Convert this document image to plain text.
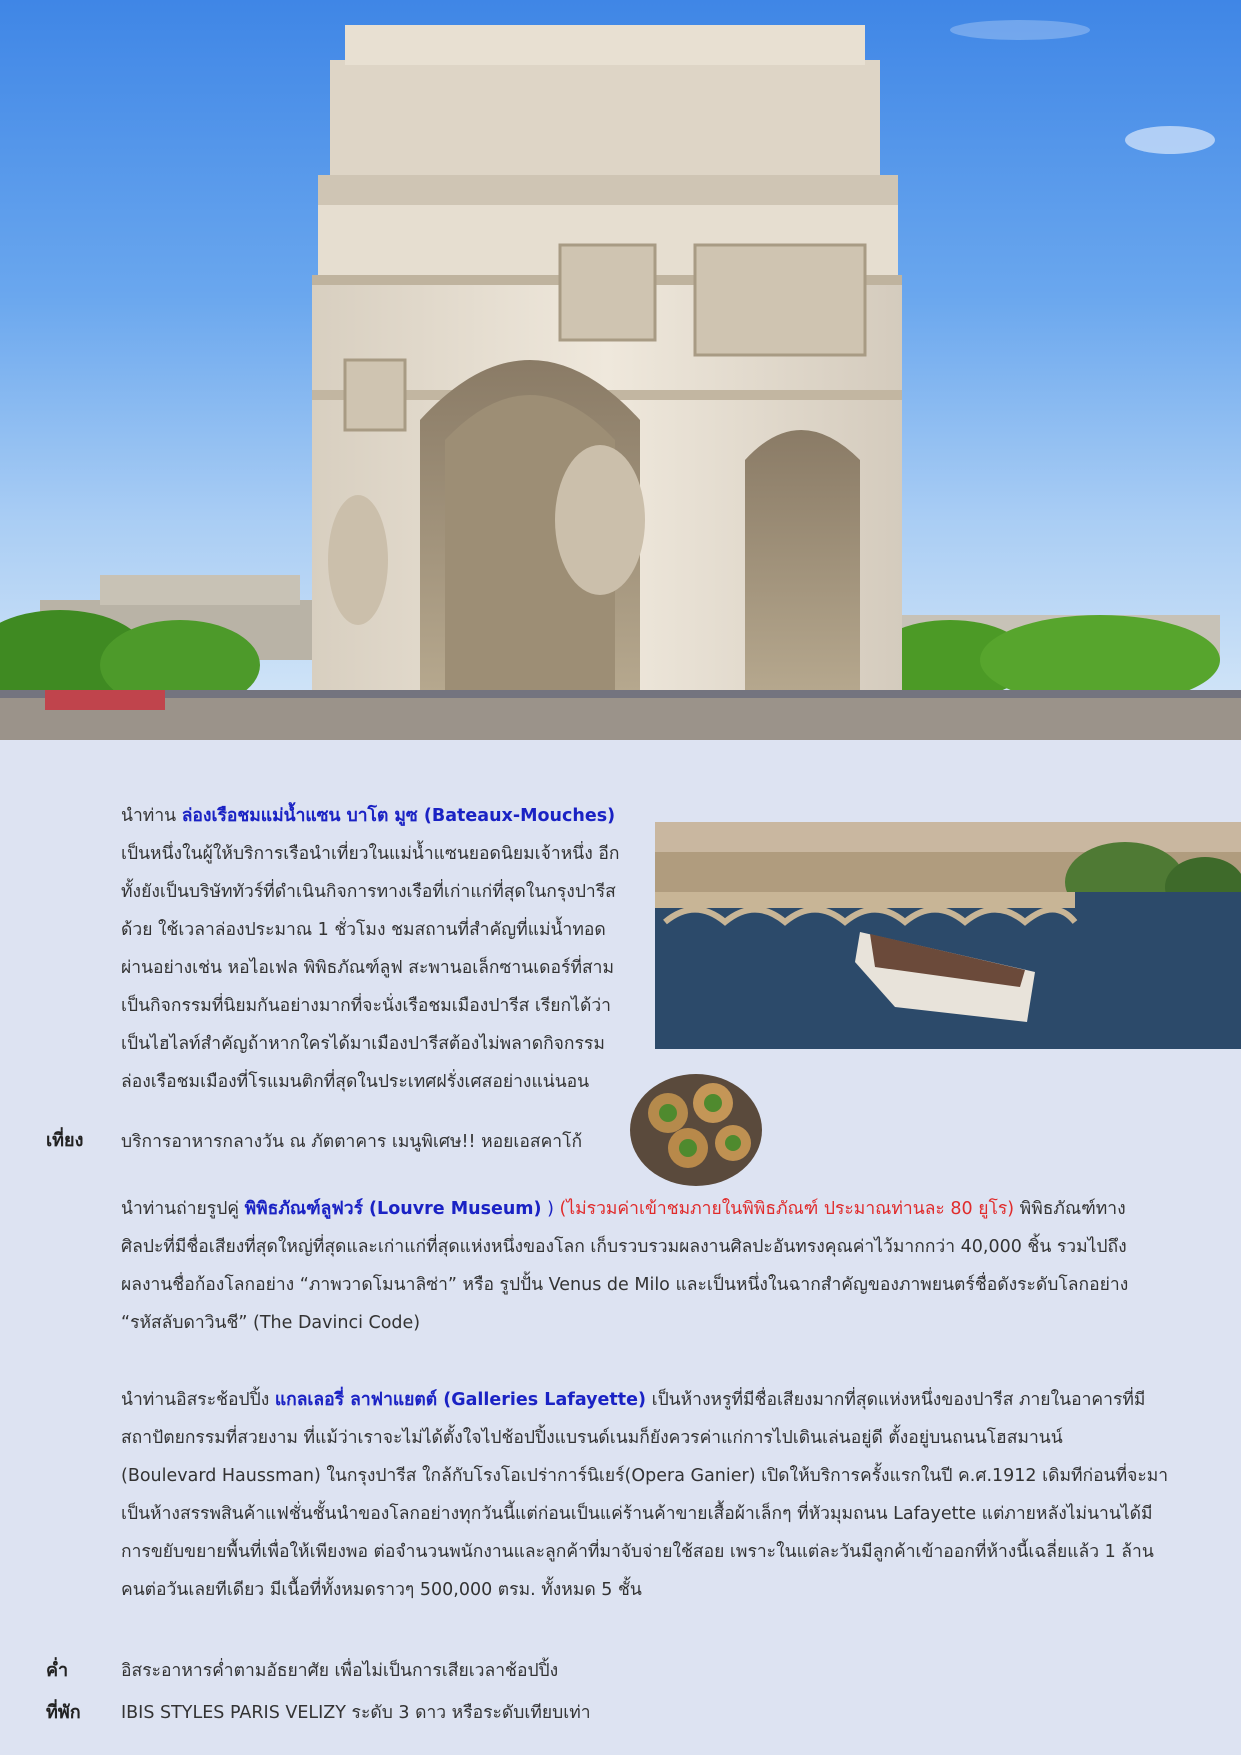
นำท่าน ล่องเรือชมแม่น้ำแซน บาโต มูซ (Bateaux-Mouches)
เป็นหนึ่งในผู้ให้บริการเรือนำเที่ยวในแม่น้ำแซนยอดนิยมเจ้าหนึ่ง อีก
ทั้งยังเป็นบริษัททัวร์ที่ดำเนินกิจการทางเรือที่เก่าแก่ที่สุดในกรุงปารีส
ด้วย ใช้เวลาล่องประมาณ 1 ชั่วโมง ชมสถานที่สำคัญที่แม่น้ำทอด
ผ่านอย่างเช่น หอไอเฟล พิพิธภัณฑ์ลูฟ สะพานอเล็กซานเดอร์ที่สาม
เป็นกิจกรรมที่นิยมกันอย่างมากที่จะนั่งเรือชมเมืองปารีส เรียกได้ว่า
เป็นไฮไลท์สำคัญถ้าหากใครได้มาเมืองปารีสต้องไม่พลาดกิจกรรม
ล่องเรือชมเมืองที่โรแมนติกที่สุดในประเทศฝรั่งเศสอย่างแน่นอน
เที่ยง บริการอาหารกลางวัน ณ ภัตตาคาร เมนูพิเศษ!! หอยเอสคาโก้
นำท่านถ่ายรูปคู่ พิพิธภัณฑ์ลูฟวร์ (Louvre Museum) ) (ไม่รวมค่าเข้าชมภายในพิพิธภัณฑ์ ประมาณท่านละ 80 ยูโร) พิพิธภัณฑ์ทาง
ศิลปะที่มีชื่อเสียงที่สุดใหญ่ที่สุดและเก่าแก่ที่สุดแห่งหนึ่งของโลก เก็บรวบรวมผลงานศิลปะอันทรงคุณค่าไว้มากกว่า 40,000 ชิ้น รวมไปถึง
ผลงานชื่อก้องโลกอย่าง “ภาพวาดโมนาลิซ่า” หรือ รูปปั้น Venus de Milo และเป็นหนึ่งในฉากสำคัญของภาพยนตร์ชื่อดังระดับโลกอย่าง
“รหัสลับดาวินชี” (The Davinci Code)
นำท่านอิสระช้อปปิ้ง แกลเลอรี่ ลาฟาแยตต์ (Galleries Lafayette) เป็นห้างหรูที่มีชื่อเสียงมากที่สุดแห่งหนึ่งของปารีส ภายในอาคารที่มี
สถาปัตยกรรมที่สวยงาม ที่แม้ว่าเราจะไม่ได้ตั้งใจไปช้อปปิ้งแบรนด์เนมก็ยังควรค่าแก่การไปเดินเล่นอยู่ดี ตั้งอยู่บนถนนโฮสมานน์
(Boulevard Haussman) ในกรุงปารีส ใกล้กับโรงโอเปร่าการ์นิเยร์(Opera Ganier) เปิดให้บริการครั้งแรกในปี ค.ศ.1912 เดิมทีก่อนที่จะมา
เป็นห้างสรรพสินค้าแฟชั่นชั้นนำของโลกอย่างทุกวันนี้แต่ก่อนเป็นแค่ร้านค้าขายเสื้อผ้าเล็กๆ ที่หัวมุมถนน Lafayette แต่ภายหลังไม่นานได้มี
การขยับขยายพื้นที่เพื่อให้เพียงพอ ต่อจำนวนพนักงานและลูกค้าที่มาจับจ่ายใช้สอย เพราะในแต่ละวันมีลูกค้าเข้าออกที่ห้างนี้เฉลี่ยแล้ว 1 ล้าน
คนต่อวันเลยทีเดียว มีเนื้อที่ทั้งหมดราวๆ 500,000 ตรม. ทั้งหมด 5 ชั้น
ค่ำ	อิสระอาหารค่ำตามอัธยาศัย เพื่อไม่เป็นการเสียเวลาช้อปปิ้ง
ที่พัก IBIS STYLES PARIS VELIZY ระดับ 3 ดาว หรือระดับเทียบเท่า
